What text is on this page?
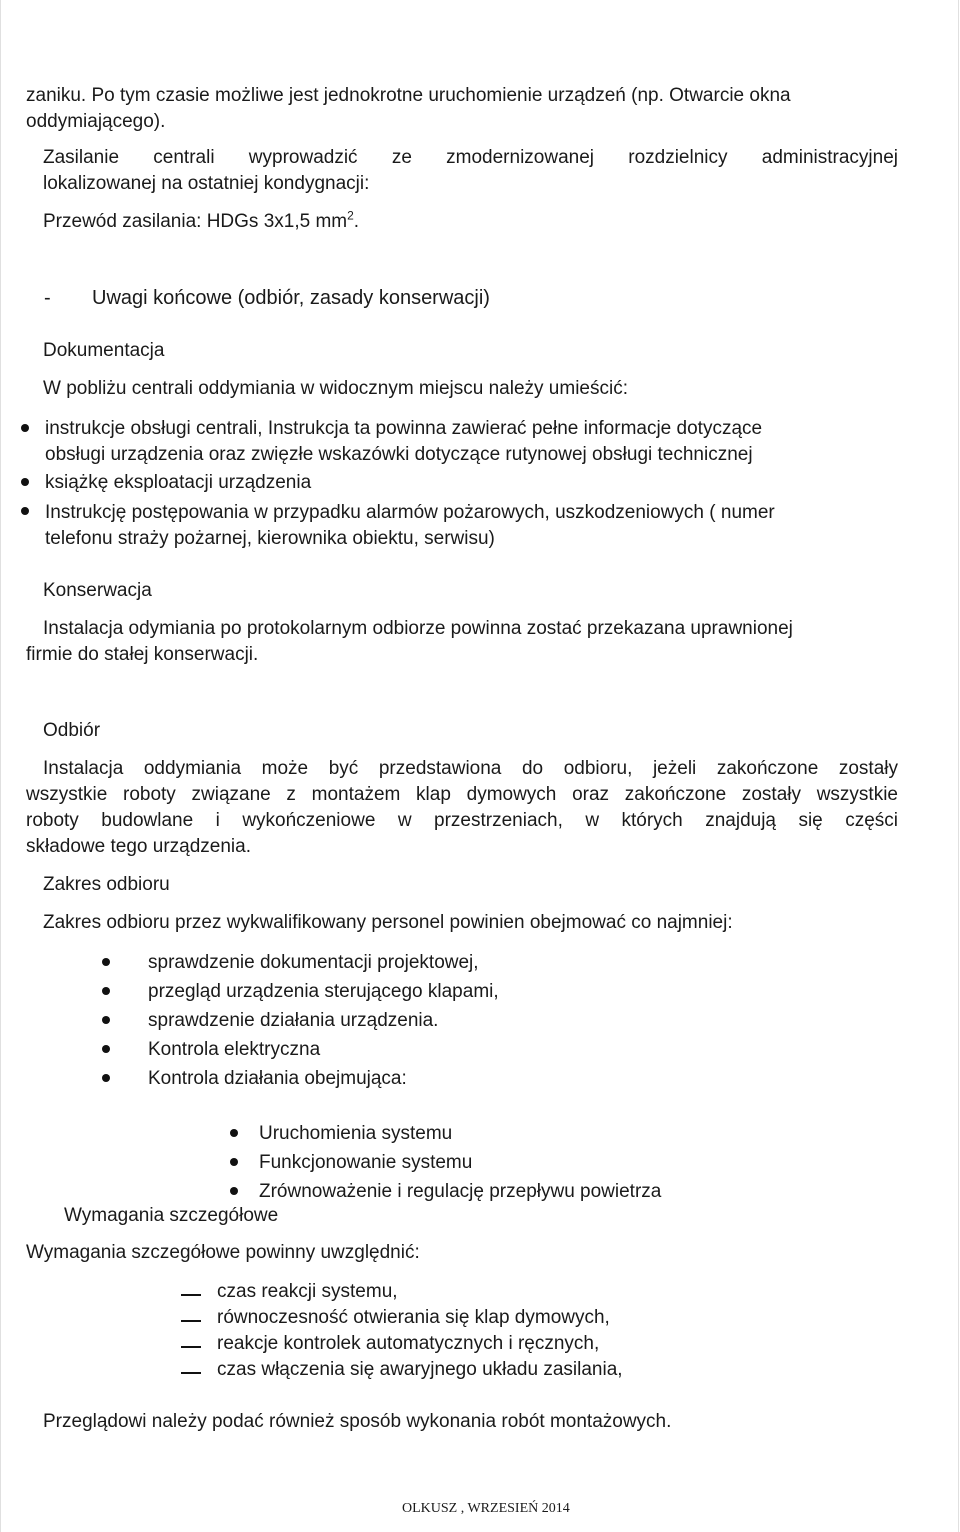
zaniku. Po tym czasie możliwe jest jednokrotne uruchomienie urządzeń (np. Otwarcie okna
oddymiającego).
Zasilanie centrali wyprowadzić ze zmodernizowanej rozdzielnicy administracyjnej
lokalizowanej na ostatniej kondygnacji:
Przewód zasilania: HDGs 3x1,5 $mm^2$.
- Uwagi końcowe (odbiór, zasady konserwacji)
Dokumentacja
W pobliżu centrali oddymiania w widocznym miejscu należy umieścić:
instrukcje obsługi centrali, Instrukcja ta powinna zawierać pełne informacje dotyczące
obsługi urządzenia oraz zwięzłe wskazówki dotyczące rutynowej obsługi technicznej
książkę eksploatacji urządzenia
Instrukcję postępowania w przypadku alarmów pożarowych, uszkodzeniowych ( numer
telefonu straży pożarnej, kierownika obiektu, serwisu)
Konserwacja
Instalacja odymiania po protokolarnym odbiorze powinna zostać przekazana uprawnionej
firmie do stałej konserwacji.
Odbiór
Instalacja oddymiania może być przedstawiona do odbioru, jeżeli zakończone zostały
wszystkie roboty związane z montażem klap dymowych oraz zakończone zostały wszystkie
roboty budowlane i wykończeniowe w przestrzeniach, w których znajdują się części
składowe tego urządzenia.
Zakres odbioru
Zakres odbioru przez wykwalifikowany personel powinien obejmować co najmniej:
sprawdzenie dokumentacji projektowej,
przegląd urządzenia sterującego klapami,
sprawdzenie działania urządzenia.
Kontrola elektryczna
Kontrola działania obejmująca:
Uruchomienia systemu
Funkcjonowanie systemu
Zrównoważenie i regulację przepływu powietrza
Wymagania szczegółowe
Wymagania szczegółowe powinny uwzględnić:
czas reakcji systemu,
równoczesność otwierania się klap dymowych,
reakcje kontrolek automatycznych i ręcznych,
czas włączenia się awaryjnego układu zasilania,
Przeglądowi należy podać również sposób wykonania robót montażowych.
OLKUSZ , WRZESIEŃ 2014
